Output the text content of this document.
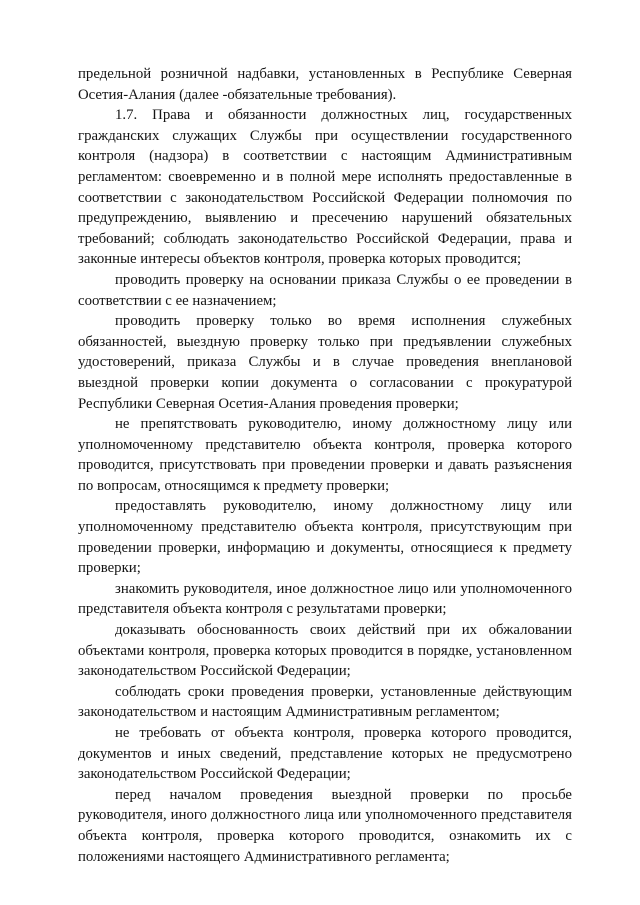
предельной розничной надбавки, установленных в Республике Северная Осетия-Алания (далее -обязательные требования).

1.7. Права и обязанности должностных лиц, государственных гражданских служащих Службы при осуществлении государственного контроля (надзора) в соответствии с настоящим Административным регламентом: своевременно и в полной мере исполнять предоставленные в соответствии с законодательством Российской Федерации полномочия по предупреждению, выявлению и пресечению нарушений обязательных требований; соблюдать законодательство Российской Федерации, права и законные интересы объектов контроля, проверка которых проводится;

проводить проверку на основании приказа Службы о ее проведении в соответствии с ее назначением;

проводить проверку только во время исполнения служебных обязанностей, выездную проверку только при предъявлении служебных удостоверений, приказа Службы и в случае проведения внеплановой выездной проверки копии документа о согласовании с прокуратурой Республики Северная Осетия-Алания проведения проверки;

не препятствовать руководителю, иному должностному лицу или уполномоченному представителю объекта контроля, проверка которого проводится, присутствовать при проведении проверки и давать разъяснения по вопросам, относящимся к предмету проверки;

предоставлять руководителю, иному должностному лицу или уполномоченному представителю объекта контроля, присутствующим при проведении проверки, информацию и документы, относящиеся к предмету проверки;

знакомить руководителя, иное должностное лицо или уполномоченного представителя объекта контроля с результатами проверки;

доказывать обоснованность своих действий при их обжаловании объектами контроля, проверка которых проводится в порядке, установленном законодательством Российской Федерации;

соблюдать сроки проведения проверки, установленные действующим законодательством и настоящим Административным регламентом;

не требовать от объекта контроля, проверка которого проводится, документов и иных сведений, представление которых не предусмотрено законодательством Российской Федерации;

перед началом проведения выездной проверки по просьбе руководителя, иного должностного лица или уполномоченного представителя объекта контроля, проверка которого проводится, ознакомить их с положениями настоящего Административного регламента;
